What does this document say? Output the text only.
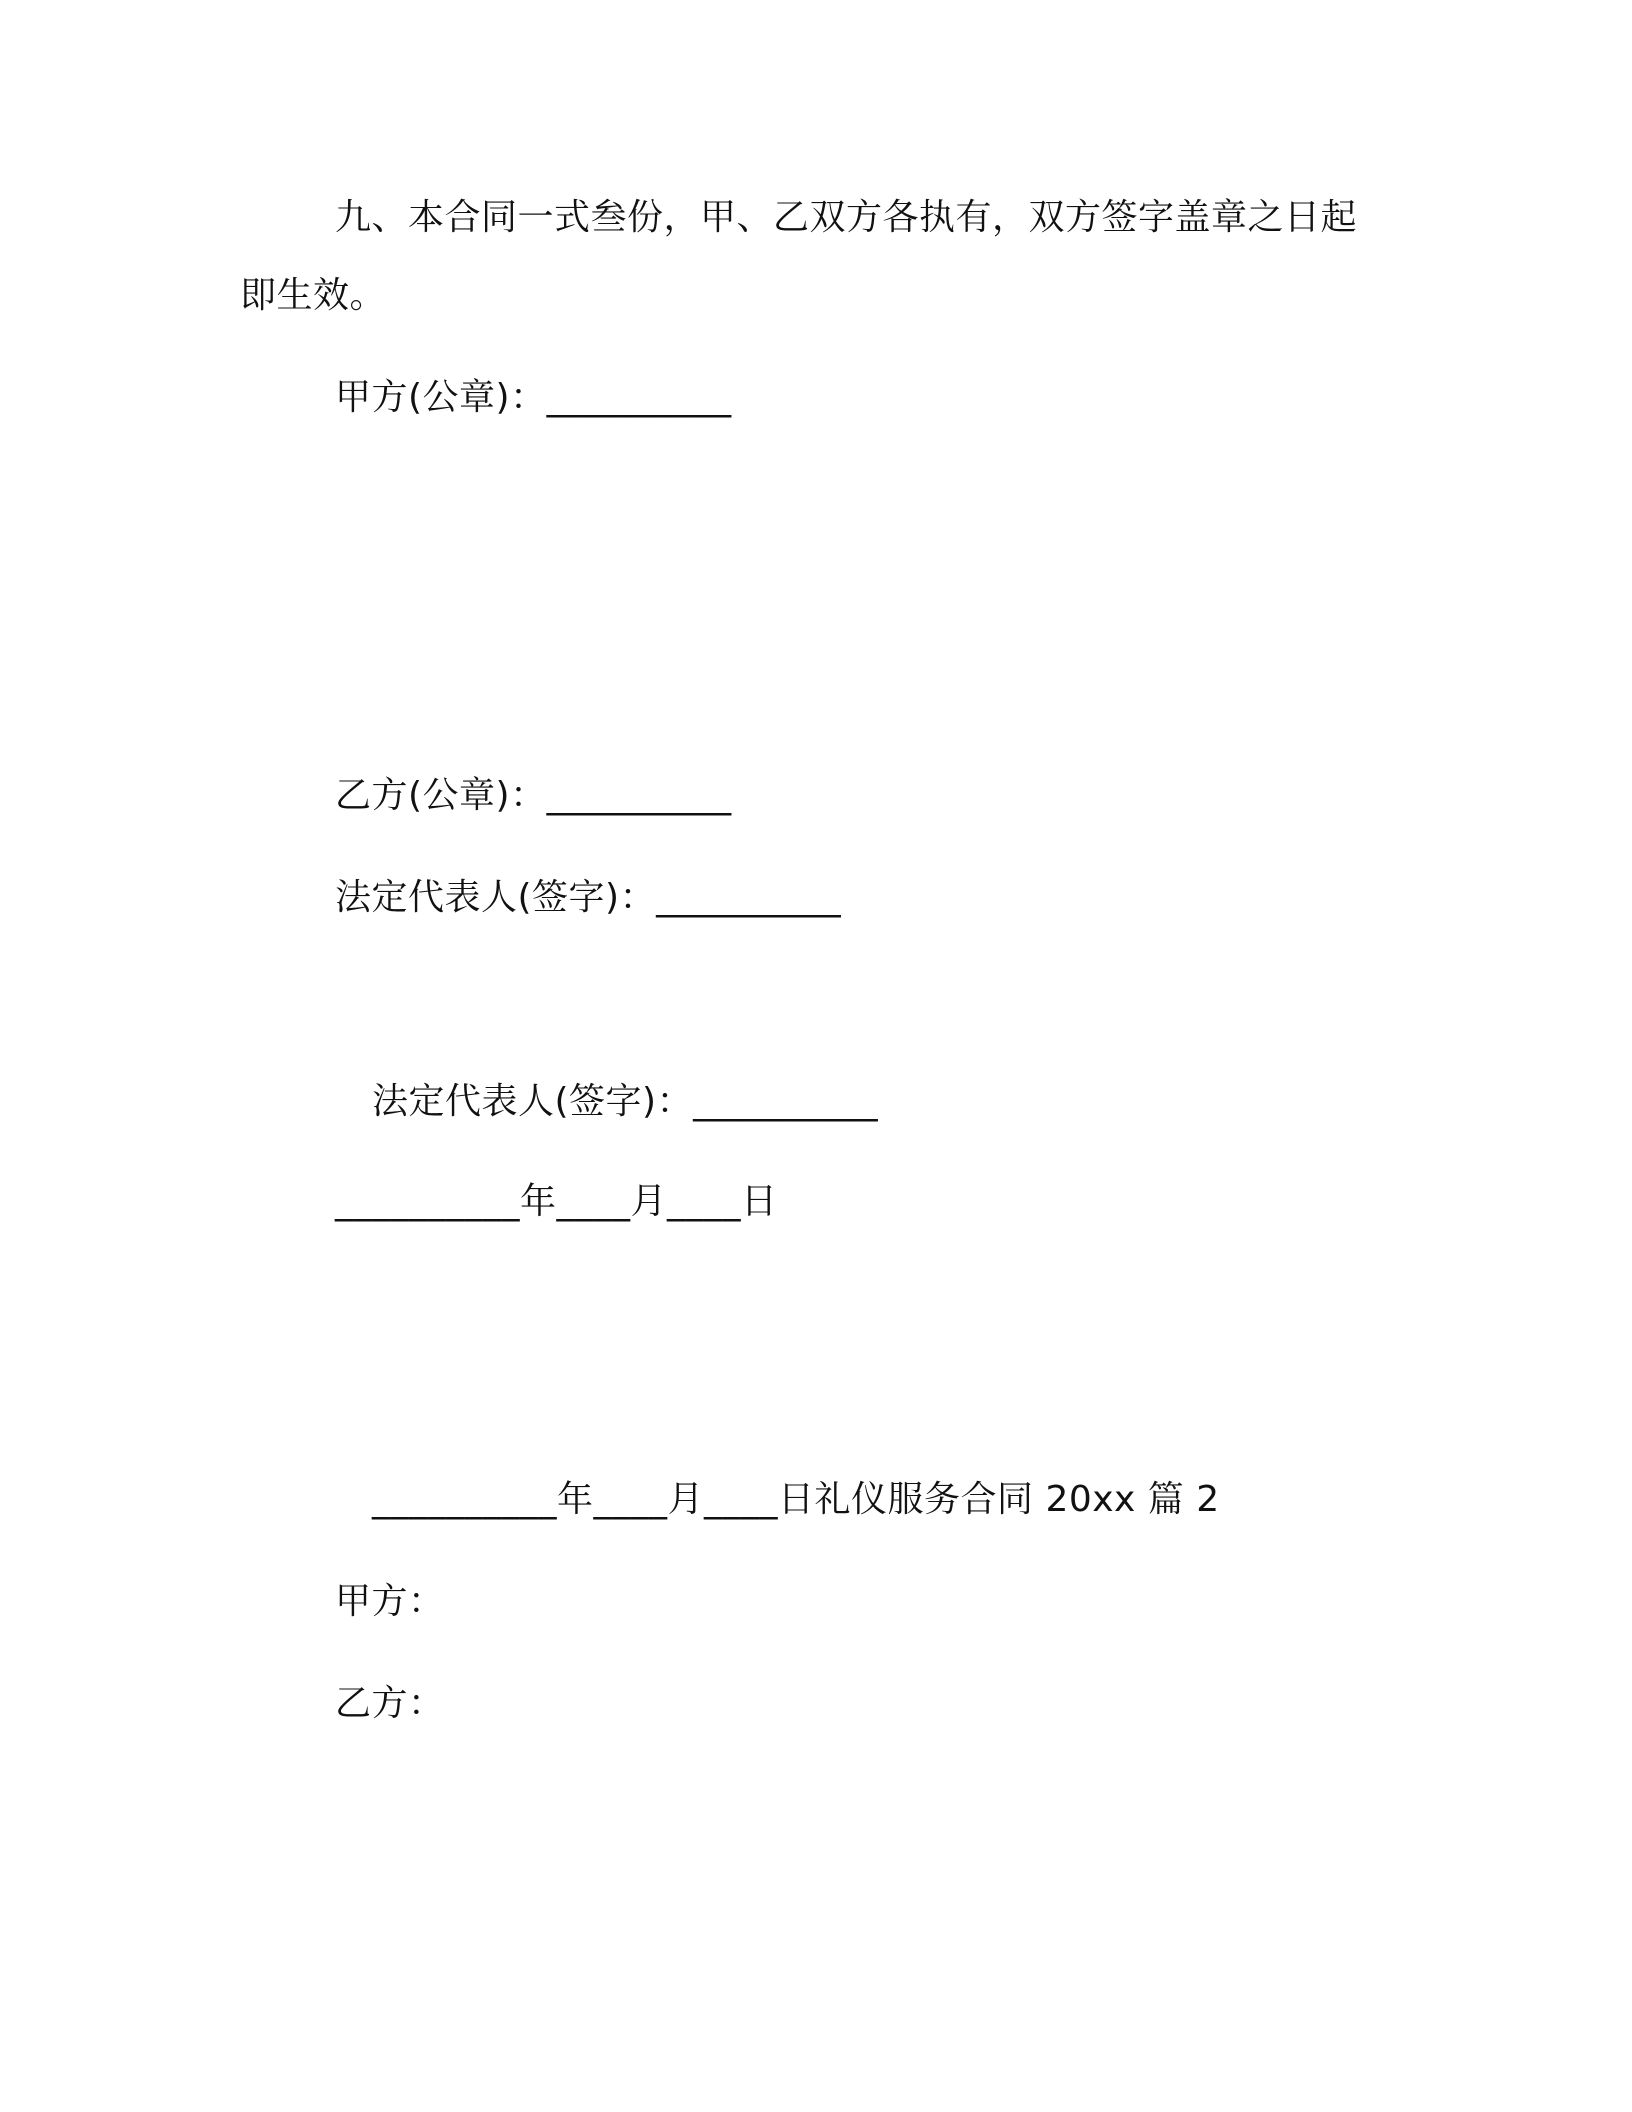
九、本合同一式叁份，甲、乙双方各执有，双方签字盖章之日起
即生效。
甲方(公章)：__________
乙方(公章)：__________
法定代表人(签字)：__________
法定代表人(签字)：__________
__________年____月____日
__________年____月____日礼仪服务合同 20xx 篇 2
甲方：
乙方：
